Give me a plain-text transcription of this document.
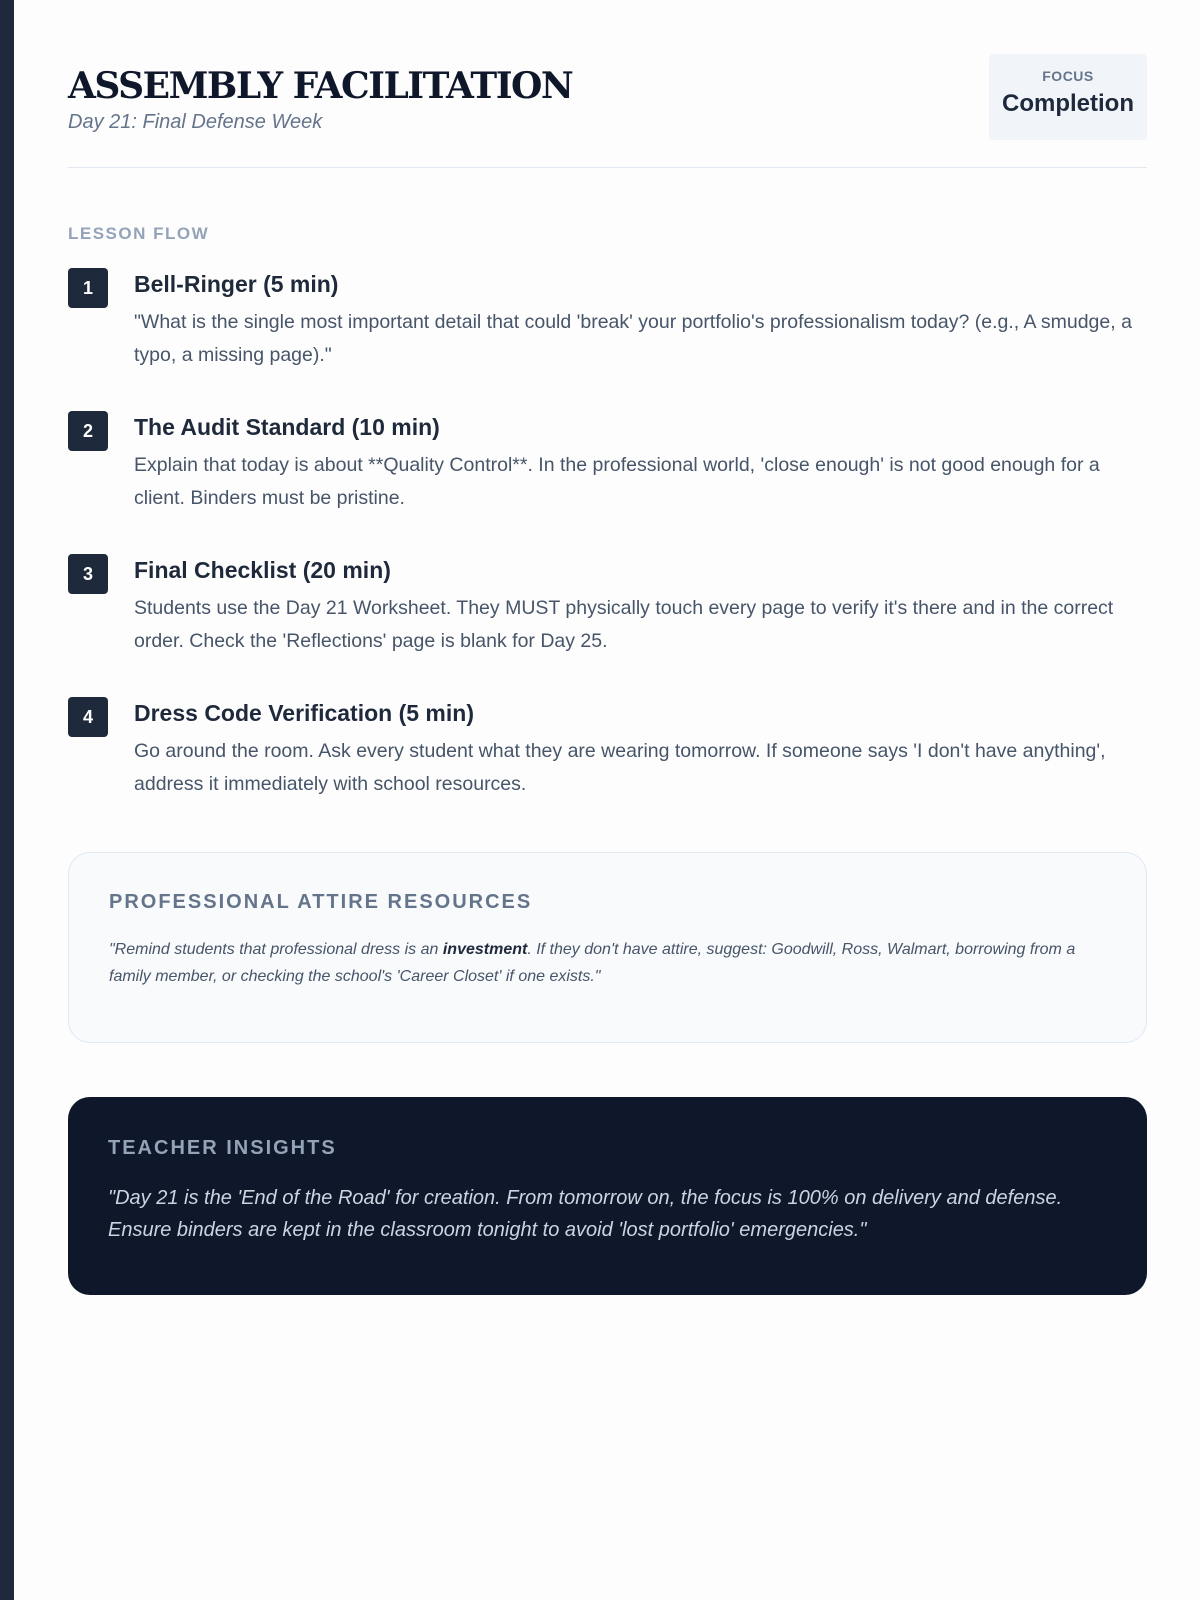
ASSEMBLY FACILITATION
Day 21: Final Defense Week
FOCUS
Completion
LESSON FLOW
1	Bell-Ringer (5 min)
"What is the single most important detail that could 'break' your portfolio's professionalism today? (e.g., A smudge, a typo, a missing page)."
2	The Audit Standard (10 min)
Explain that today is about **Quality Control**. In the professional world, 'close enough' is not good enough for a client. Binders must be pristine.
3	Final Checklist (20 min)
Students use the Day 21 Worksheet. They MUST physically touch every page to verify it's there and in the correct order. Check the 'Reflections' page is blank for Day 25.
4	Dress Code Verification (5 min)
Go around the room. Ask every student what they are wearing tomorrow. If someone says 'I don't have anything', address it immediately with school resources.
PROFESSIONAL ATTIRE RESOURCES

"Remind students that professional dress is an investment. If they don't have attire, suggest: Goodwill, Ross, Walmart, borrowing from a family member, or checking the school's 'Career Closet' if one exists."

TEACHER INSIGHTS

"Day 21 is the 'End of the Road' for creation. From tomorrow on, the focus is 100% on delivery and defense. Ensure binders are kept in the classroom tonight to avoid 'lost portfolio' emergencies."
